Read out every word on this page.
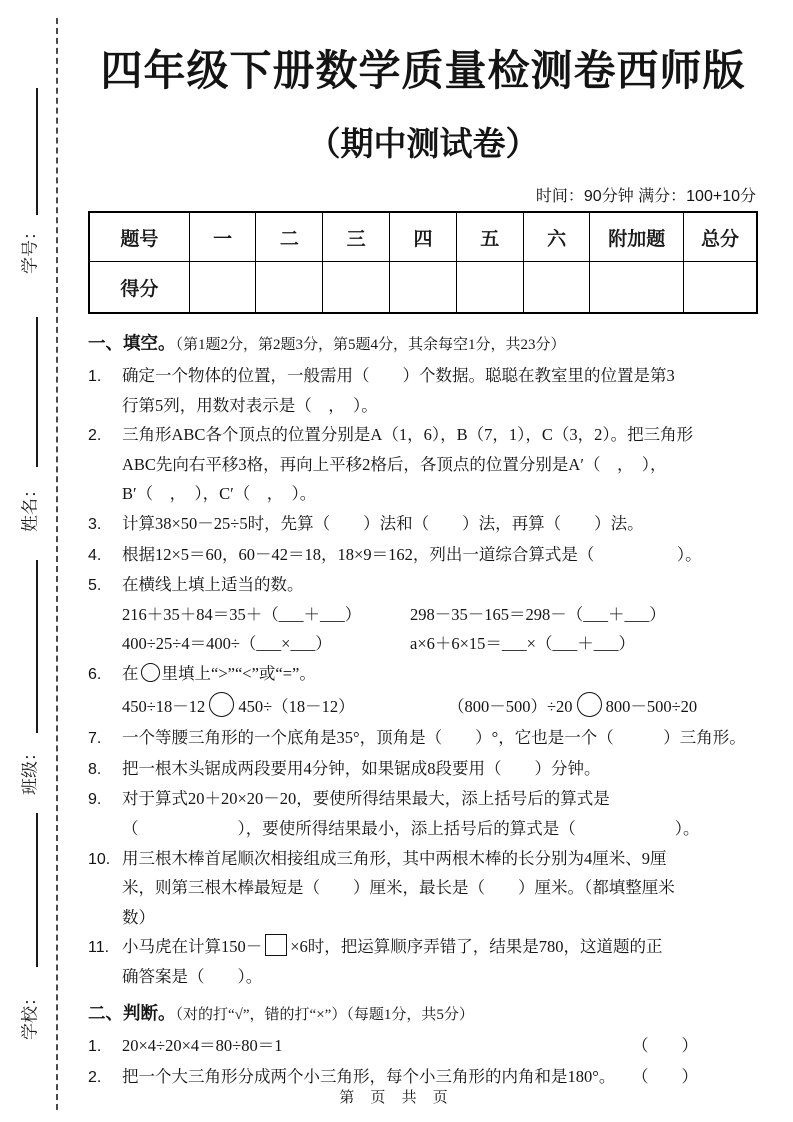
学号：
姓名：
班级：
学校：
四年级下册数学质量检测卷西师版
（期中测试卷）
时间：90分钟 满分：100+10分
题号	一	二	三	四	五	六	附加题	总分
得分								
一、填空。（第1题2分，第2题3分，第5题4分，其余每空1分，共23分）
1.	确定一个物体的位置，一般需用（　　）个数据。聪聪在教室里的位置是第3
行第5列，用数对表示是（　，　）。
2.	三角形ABC各个顶点的位置分别是A（1，6），B（7，1），C（3，2）。把三角形
ABC先向右平移3格，再向上平移2格后，各顶点的位置分别是A′（　，　），
B′（　，　），C′（　，　）。
3.	计算38×50－25÷5时，先算（　　）法和（　　）法，再算（　　）法。
4.	根据12×5＝60，60－42＝18，18×9＝162，列出一道综合算式是（　　　　　）。
5.	在横线上填上适当的数。
216＋35＋84＝35＋（___＋___）	298－35－165＝298－（___＋___）
400÷25÷4＝400÷（___×___）	a×6＋6×15＝___×（___＋___）
6.	在 里填上“>”“<”或“=”。
450÷18－12 450÷（18－12）	（800－500）÷20 800－500÷20
7.	一个等腰三角形的一个底角是35°，顶角是（　　）°，它也是一个（　　　）三角形。
8.	把一根木头锯成两段要用4分钟，如果锯成8段要用（　　）分钟。
9.	对于算式20＋20×20－20，要使所得结果最大，添上括号后的算式是
（　　　　　　），要使所得结果最小，添上括号后的算式是（　　　　　　）。
10. 用三根木棒首尾顺次相接组成三角形，其中两根木棒的长分别为4厘米、9厘
米，则第三根木棒最短是（　　）厘米，最长是（　　）厘米。（都填整厘米
数）
11. 小马虎在计算150－ ×6时，把运算顺序弄错了，结果是780，这道题的正
确答案是（　　）。
二、判断。（对的打“√”，错的打“×”）（每题1分，共5分）
1.	20×4÷20×4＝80÷80＝1	（　　）
2.	把一个大三角形分成两个小三角形，每个小三角形的内角和是180°。 （　　）
第 页 共 页
